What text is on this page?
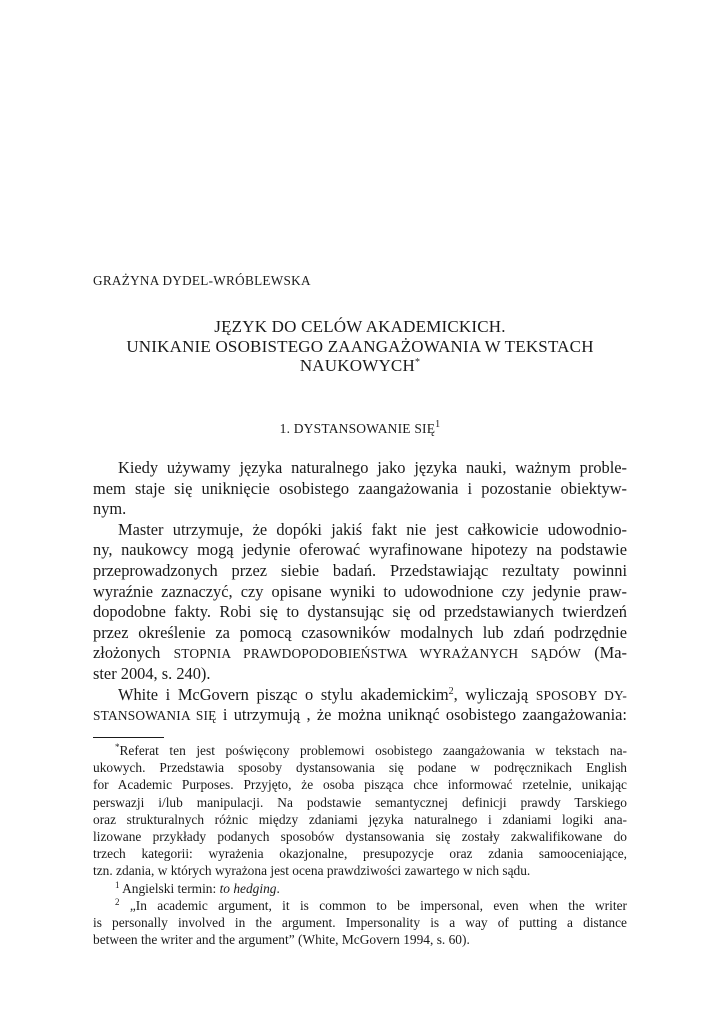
GRAŻYNA DYDEL-WRÓBLEWSKA
JĘZYK DO CELÓW AKADEMICKICH.
UNIKANIE OSOBISTEGO ZAANGAŻOWANIA W TEKSTACH
NAUKOWYCH*
1. DYSTANSOWANIE SIĘ$^1$
Kiedy używamy języka naturalnego jako języka nauki, ważnym proble-
mem staje się uniknięcie osobistego zaangażowania i pozostanie obiektyw-
nym.
Master utrzymuje, że dopóki jakiś fakt nie jest całkowicie udowodnio-
ny, naukowcy mogą jedynie oferować wyrafinowane hipotezy na podstawie
przeprowadzonych przez siebie badań. Przedstawiając rezultaty powinni
wyraźnie zaznaczyć, czy opisane wyniki to udowodnione czy jedynie praw-
dopodobne fakty. Robi się to dystansując się od przedstawianych twierdzeń
przez określenie za pomocą czasowników modalnych lub zdań podrzędnie
złożonych STOPNIA PRAWDOPODOBIEŃSTWA WYRAŻANYCH SĄDÓW (Ma-
ster 2004, s. 240).
White i McGovern pisząc o stylu akademickim$^2$, wyliczają SPOSOBY DY-
STANSOWANIA SIĘ i utrzymują , że można uniknąć osobistego zaangażowania:
*Referat ten jest poświęcony problemowi osobistego zaangażowania w tekstach na-
ukowych. Przedstawia sposoby dystansowania się podane w podręcznikach English
for Academic Purposes. Przyjęto, że osoba pisząca chce informować rzetelnie, unikając
perswazji i/lub manipulacji. Na podstawie semantycznej definicji prawdy Tarskiego
oraz strukturalnych różnic między zdaniami języka naturalnego i zdaniami logiki ana-
lizowane przykłady podanych sposobów dystansowania się zostały zakwalifikowane do
trzech kategorii: wyrażenia okazjonalne, presupozycje oraz zdania samooceniające,
tzn. zdania, w których wyrażona jest ocena prawdziwości zawartego w nich sądu.
$^1$ Angielski termin: to hedging.
$^2$ „In academic argument, it is common to be impersonal, even when the writer
is personally involved in the argument. Impersonality is a way of putting a distance
between the writer and the argument” (White, McGovern 1994, s. 60).
